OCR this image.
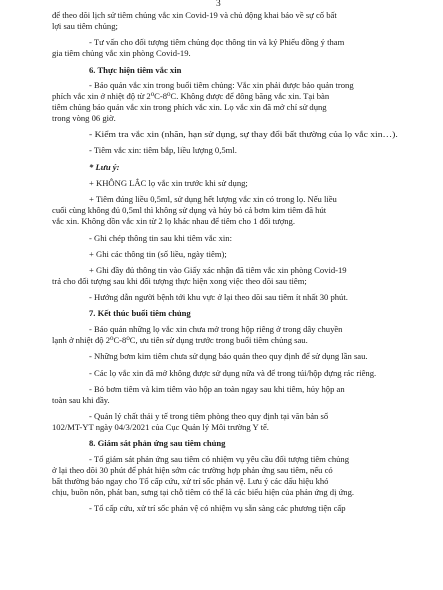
3
để theo dõi lịch sử tiêm chủng vắc xin Covid-19 và chủ động khai báo về sự cố bất
lợi sau tiêm chủng;
- Tư vấn cho đối tượng tiêm chủng đọc thông tin và ký Phiếu đồng ý tham
gia tiêm chủng vắc xin phòng Covid-19.
6. Thực hiện tiêm vắc xin
- Bảo quản vắc xin trong buổi tiêm chủng: Vắc xin phải được bảo quản trong
phích vắc xin ở nhiệt độ từ 2⁰C-8⁰C. Không được để đông băng vắc xin. Tại bàn
tiêm chủng bảo quản vắc xin trong phích vắc xin. Lọ vắc xin đã mở chỉ sử dụng
trong vòng 06 giờ.
- Kiểm tra vắc xin (nhãn, hạn sử dụng, sự thay đổi bất thường của lọ vắc xin…).
- Tiêm vắc xin: tiêm bắp, liều lượng 0,5ml.
* Lưu ý:
+ KHÔNG LẮC lọ vắc xin trước khi sử dụng;
+ Tiêm đúng liều 0,5ml, sử dụng hết lượng vắc xin có trong lọ. Nếu liều
cuối cùng không đủ 0,5ml thì không sử dụng và hủy bỏ cả bơm kim tiêm đã hút
vắc xin. Không dồn vắc xin từ 2 lọ khác nhau để tiêm cho 1 đối tượng.
- Ghi chép thông tin sau khi tiêm vắc xin:
+ Ghi các thông tin (số liều, ngày tiêm);
+ Ghi đầy đủ thông tin vào Giấy xác nhận đã tiêm vắc xin phòng Covid-19
trả cho đối tượng sau khi đối tượng thực hiện xong việc theo dõi sau tiêm;
- Hướng dẫn người bệnh tới khu vực ở lại theo dõi sau tiêm ít nhất 30 phút.
7. Kết thúc buổi tiêm chủng
- Bảo quản những lọ vắc xin chưa mở trong hộp riêng ở trong dây chuyền
lạnh ở nhiệt độ 2⁰C-8⁰C, ưu tiên sử dụng trước trong buổi tiêm chủng sau.
- Những bơm kim tiêm chưa sử dụng bảo quản theo quy định để sử dụng lần sau.
- Các lọ vắc xin đã mở không được sử dụng nữa và để trong túi/hộp đựng rác riêng.
- Bỏ bơm tiêm và kim tiêm vào hộp an toàn ngay sau khi tiêm, hủy hộp an
toàn sau khi đầy.
- Quản lý chất thải y tế trong tiêm phòng theo quy định tại văn bản số
102/MT-YT ngày 04/3/2021 của Cục Quản lý Môi trường Y tế.
8. Giám sát phản ứng sau tiêm chủng
- Tổ giám sát phản ứng sau tiêm có nhiệm vụ yêu cầu đối tượng tiêm chủng
ở lại theo dõi 30 phút để phát hiện sớm các trường hợp phản ứng sau tiêm, nếu có
bất thường báo ngay cho Tổ cấp cứu, xử trí sốc phản vệ. Lưu ý các dấu hiệu khó
chịu, buồn nôn, phát ban, sưng tại chỗ tiêm có thể là các biểu hiện của phản ứng dị ứng.
- Tổ cấp cứu, xử trí sốc phản vệ có nhiệm vụ sẵn sàng các phương tiện cấp
